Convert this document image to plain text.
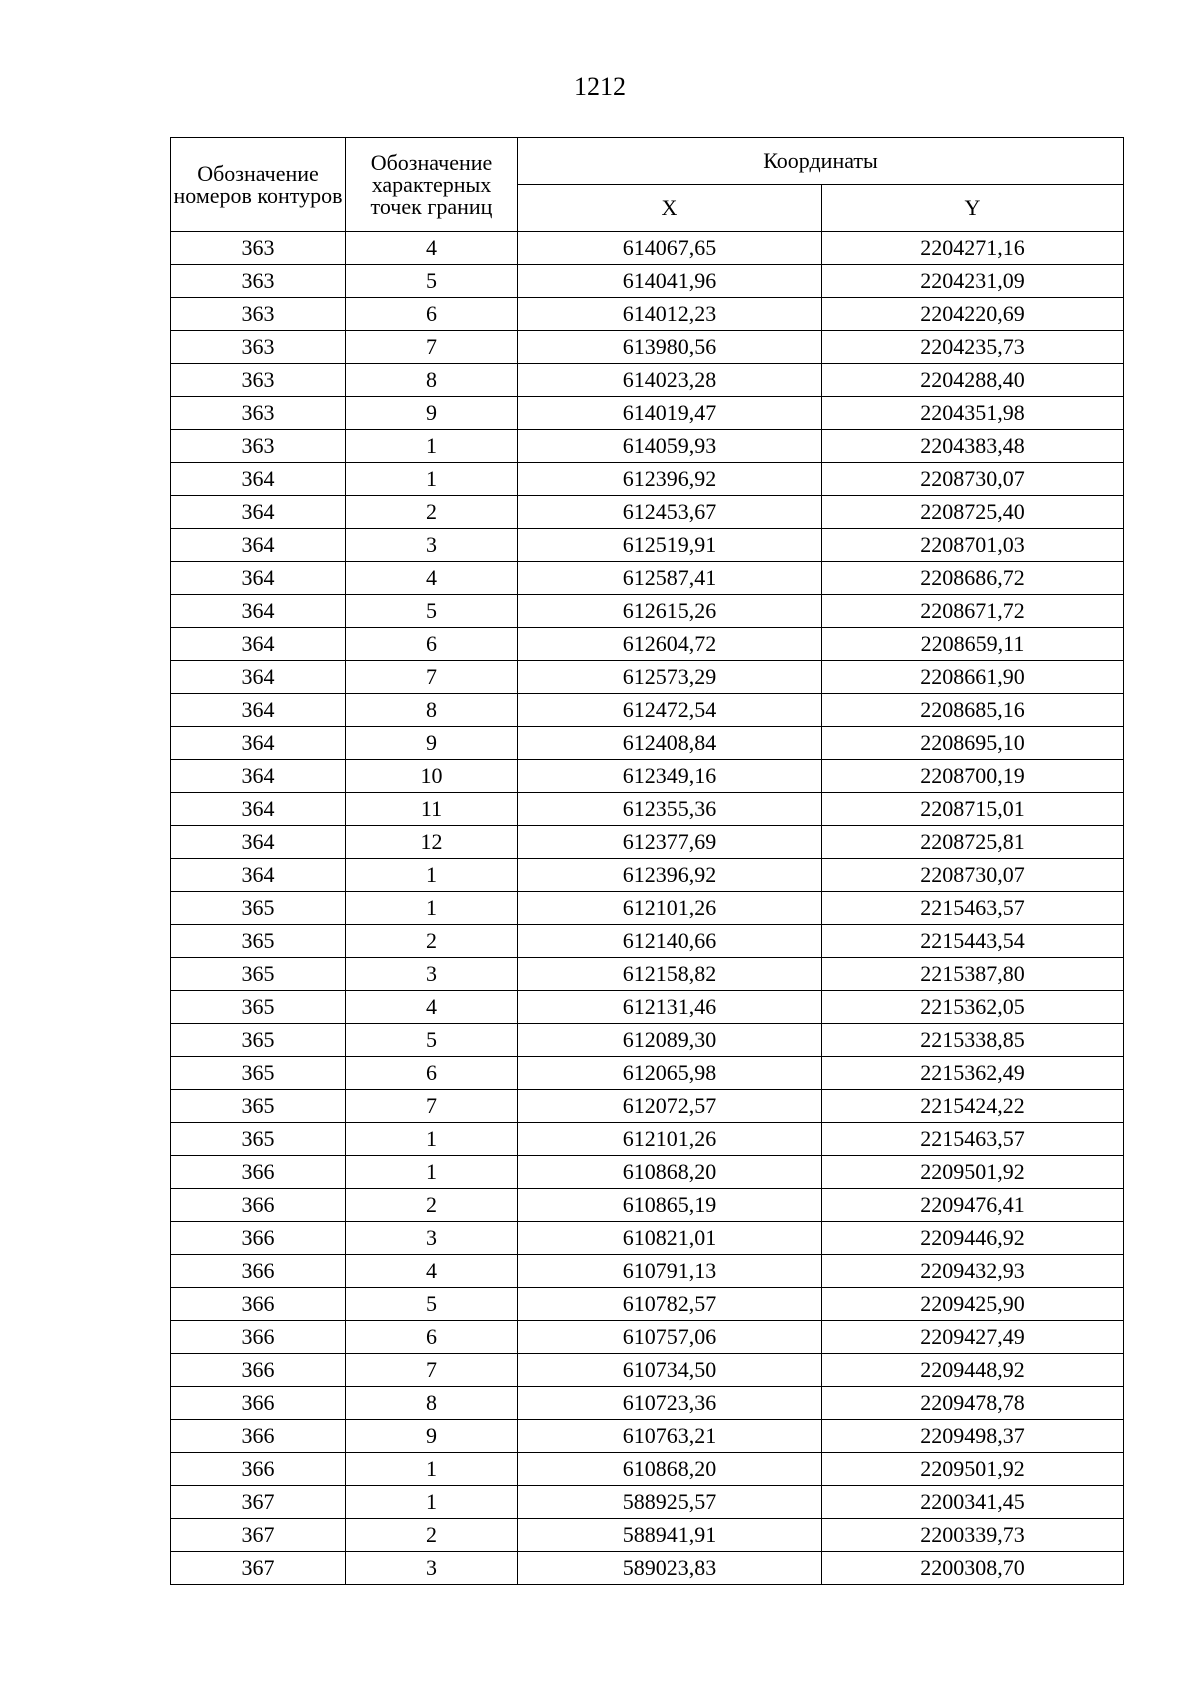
1212
Обозначение номеров контуров	Обозначение характерных точек границ	Координаты	
		X	Y
363	4	614067,65	2204271,16
363	5	614041,96	2204231,09
363	6	614012,23	2204220,69
363	7	613980,56	2204235,73
363	8	614023,28	2204288,40
363	9	614019,47	2204351,98
363	1	614059,93	2204383,48
364	1	612396,92	2208730,07
364	2	612453,67	2208725,40
364	3	612519,91	2208701,03
364	4	612587,41	2208686,72
364	5	612615,26	2208671,72
364	6	612604,72	2208659,11
364	7	612573,29	2208661,90
364	8	612472,54	2208685,16
364	9	612408,84	2208695,10
364	10	612349,16	2208700,19
364	11	612355,36	2208715,01
364	12	612377,69	2208725,81
364	1	612396,92	2208730,07
365	1	612101,26	2215463,57
365	2	612140,66	2215443,54
365	3	612158,82	2215387,80
365	4	612131,46	2215362,05
365	5	612089,30	2215338,85
365	6	612065,98	2215362,49
365	7	612072,57	2215424,22
365	1	612101,26	2215463,57
366	1	610868,20	2209501,92
366	2	610865,19	2209476,41
366	3	610821,01	2209446,92
366	4	610791,13	2209432,93
366	5	610782,57	2209425,90
366	6	610757,06	2209427,49
366	7	610734,50	2209448,92
366	8	610723,36	2209478,78
366	9	610763,21	2209498,37
366	1	610868,20	2209501,92
367	1	588925,57	2200341,45
367	2	588941,91	2200339,73
367	3	589023,83	2200308,70
